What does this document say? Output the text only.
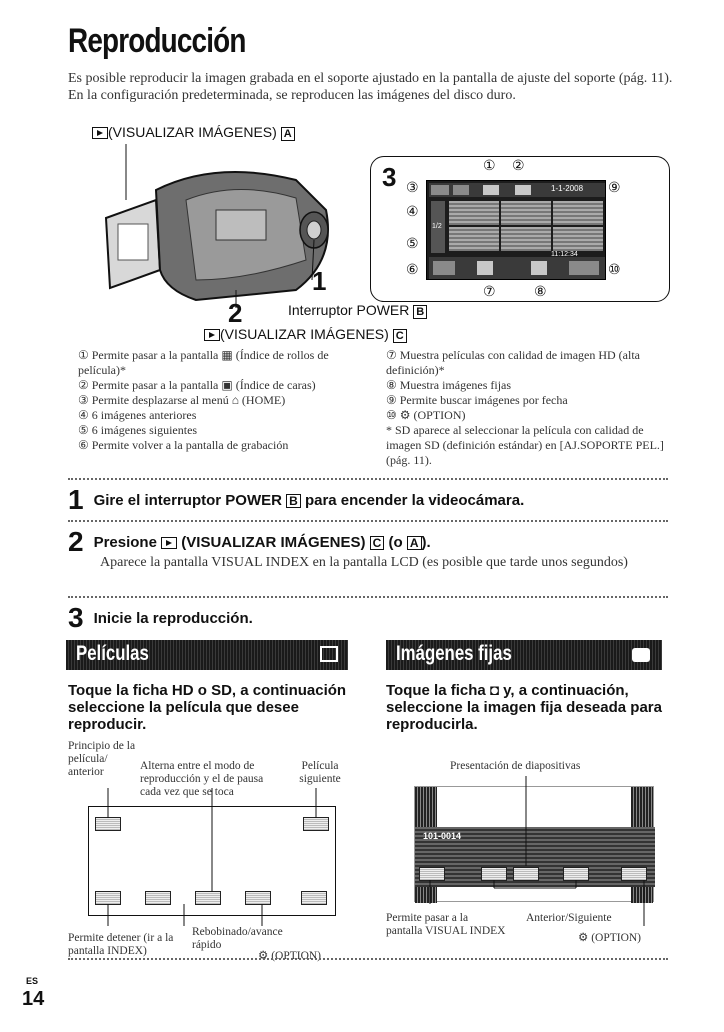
Reproducción
Es posible reproducir la imagen grabada en el soporte ajustado en la pantalla de ajuste del soporte (pág. 11). En la configuración predeterminada, se reproducen las imágenes del disco duro.
(VISUALIZAR IMÁGENES) A
1
2	Interruptor POWER B
(VISUALIZAR IMÁGENES) C
3	1-1-2008
1/2
11:12:34
① ②
③
④
⑤
⑥
⑦	⑧
⑨
⑩
① Permite pasar a la pantalla ▦ (Índice de rollos de película)*
② Permite pasar a la pantalla ▣ (Índice de caras)
③ Permite desplazarse al menú ⌂ (HOME)
④ 6 imágenes anteriores
⑤ 6 imágenes siguientes
⑥ Permite volver a la pantalla de grabación
⑦ Muestra películas con calidad de imagen HD (alta definición)*
⑧ Muestra imágenes fijas
⑨ Permite buscar imágenes por fecha
⑩ ⚙ (OPTION)
* SD aparece al seleccionar la película con calidad de imagen SD (definición estándar) en [AJ.SOPORTE PEL.] (pág. 11).
1 Gire el interruptor POWER B para encender la videocámara.
2 Presione (VISUALIZAR IMÁGENES) C (o A ).
Aparece la pantalla VISUAL INDEX en la pantalla LCD (es posible que tarde unos segundos)
3 Inicie la reproducción.
Películas
Toque la ficha HD o SD, a continuación seleccione la película que desee reproducir.
Principio de la película/ anterior	Alterna entre el modo de reproducción y el de pausa cada vez que se toca
Película siguiente
Permite detener (ir a la pantalla INDEX)
Rebobinado/avance rápido
⚙ (OPTION)
Imágenes fijas
Toque la ficha ◘ y, a continuación, seleccione la imagen fija deseada para reproducirla.
Presentación de diapositivas
101-0014
Permite pasar a la pantalla VISUAL INDEX
Anterior/Siguiente
⚙ (OPTION)
ES
14
